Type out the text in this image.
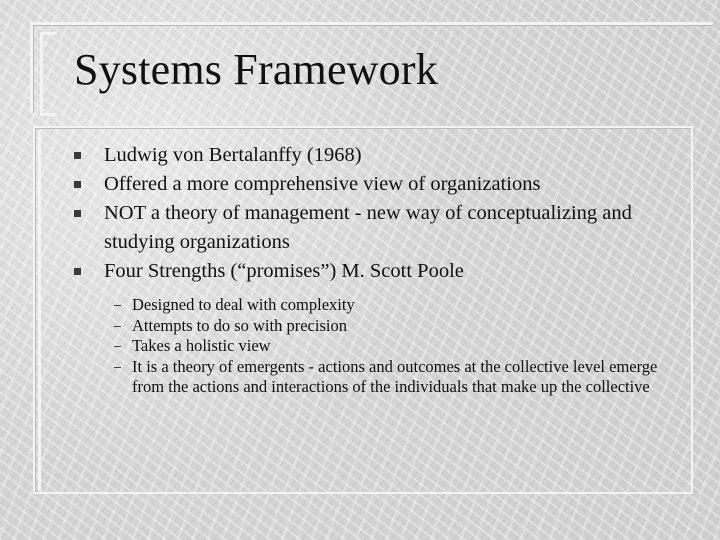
Systems Framework
Ludwig von Bertalanffy (1968)
Offered a more comprehensive view of organizations
NOT a theory of management - new way of conceptualizing and studying organizations
Four Strengths (“promises”) M. Scott Poole
Designed to deal with complexity
Attempts to do so with precision
Takes a holistic view
It is a theory of emergents - actions and outcomes at the collective level emerge from the actions and interactions of the individuals that make up the collective
